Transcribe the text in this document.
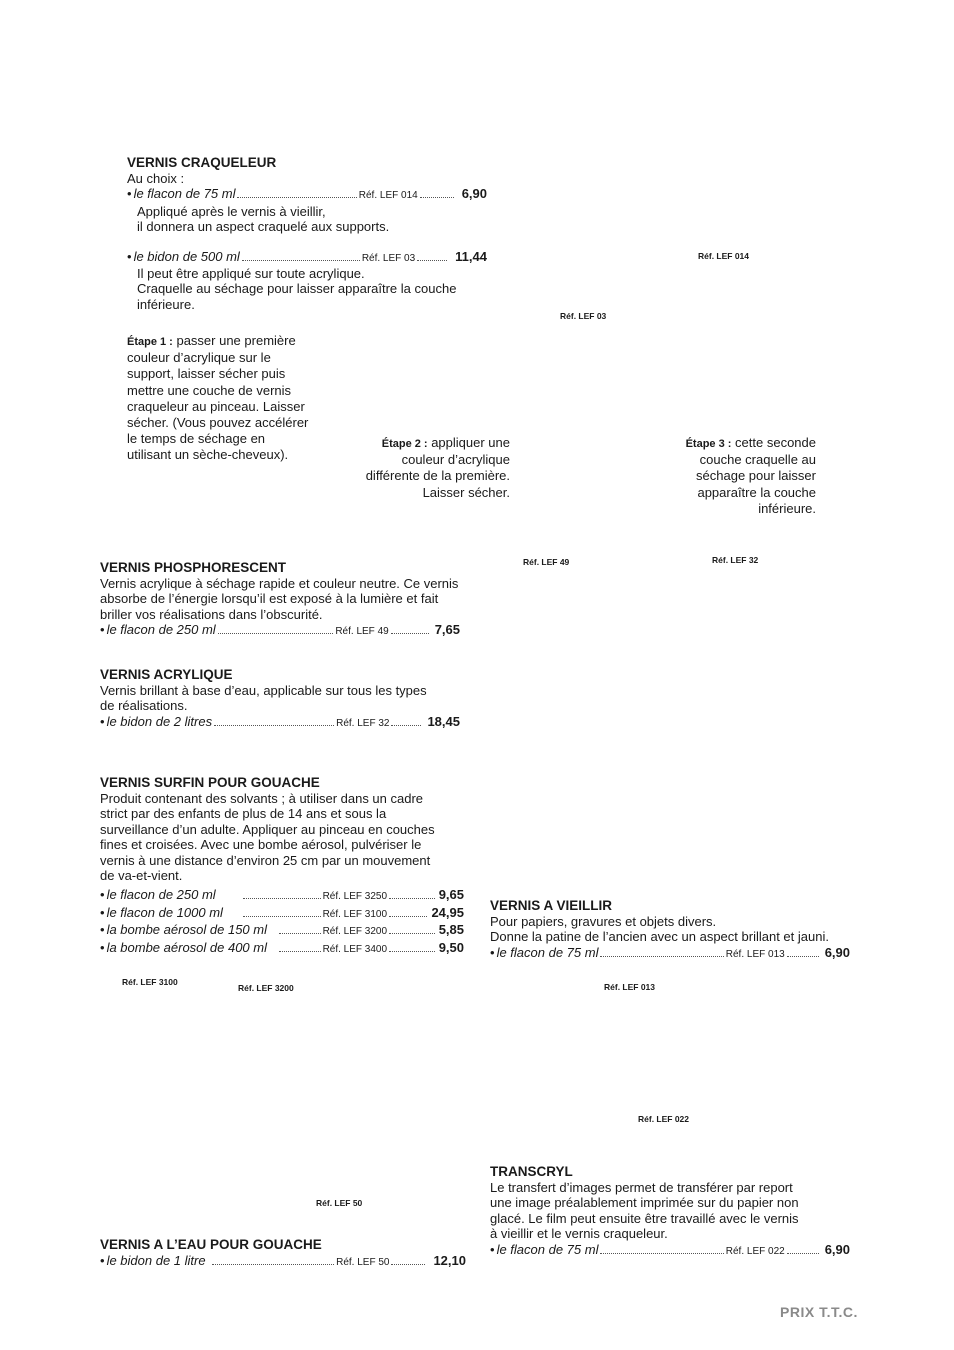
VERNIS CRAQUELEUR
Au choix :
• le flacon de 75 ml	Réf. LEF 014	6,90
Appliqué après le vernis à vieillir,
il donnera un aspect craquelé aux supports.
• le bidon de 500 ml	Réf. LEF 03	11,44
Il peut être appliqué sur toute acrylique.
Craquelle au séchage pour laisser apparaître la couche
inférieure.
Étape 1 : passer une première couleur d’acrylique sur le support, laisser sécher puis mettre une couche de vernis craqueleur au pinceau. Laisser sécher. (Vous pouvez accélérer le temps de séchage en utilisant un sèche-cheveux).
Étape 2 : appliquer une couleur d’acrylique différente de la première. Laisser sécher.
Étape 3 : cette seconde couche craquelle au séchage pour laisser apparaître la couche inférieure.
Réf. LEF 014
Réf. LEF 03
Réf. LEF 49	Réf. LEF 32
Réf. LEF 3100
Réf. LEF 3200	Réf. LEF 013
Réf. LEF 022
Réf. LEF 50
VERNIS PHOSPHORESCENT
Vernis acrylique à séchage rapide et couleur neutre. Ce vernis
absorbe de l’énergie lorsqu’il est exposé à la lumière et fait
briller vos réalisations dans l’obscurité.
• le flacon de 250 ml	Réf. LEF 49	7,65
VERNIS ACRYLIQUE
Vernis brillant à base d’eau, applicable sur tous les types
de réalisations.
• le bidon de 2 litres	Réf. LEF 32	18,45
VERNIS SURFIN POUR GOUACHE
Produit contenant des solvants ; à utiliser dans un cadre
strict par des enfants de plus de 14 ans et sous la
surveillance d’un adulte. Appliquer au pinceau en couches
fines et croisées. Avec une bombe aérosol, pulvériser le
vernis à une distance d’environ 25 cm par un mouvement
de va-et-vient.
• le flacon de 250 ml	Réf. LEF 3250	9,65
• le flacon de 1000 ml	Réf. LEF 3100	24,95
• la bombe aérosol de 150 ml	Réf. LEF 3200	5,85
• la bombe aérosol de 400 ml	Réf. LEF 3400	9,50
VERNIS A VIEILLIR
Pour papiers, gravures et objets divers.
Donne la patine de l’ancien avec un aspect brillant et jauni.
• le flacon de 75 ml	Réf. LEF 013	6,90
TRANSCRYL
Le transfert d’images permet de transférer par report
une image préalablement imprimée sur du papier non
glacé. Le film peut ensuite être travaillé avec le vernis
à vieillir et le vernis craqueleur.
• le flacon de 75 ml	Réf. LEF 022	6,90
VERNIS A L’EAU POUR GOUACHE
• le bidon de 1 litre	Réf. LEF 50	12,10
PRIX T.T.C.
